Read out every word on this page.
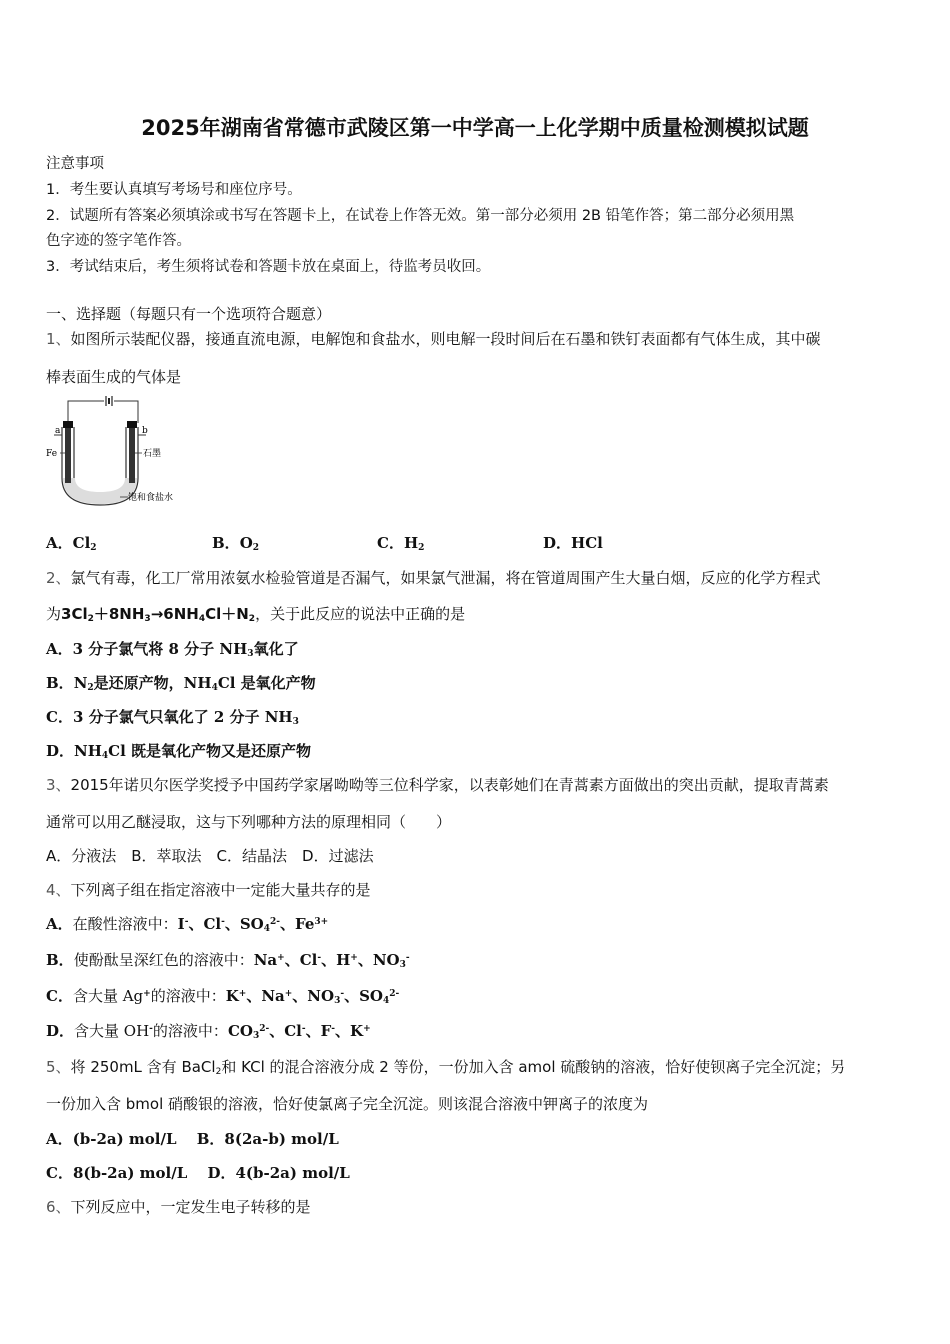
2025年湖南省常德市武陵区第一中学高一上化学期中质量检测模拟试题
注意事项
1．考生要认真填写考场号和座位序号。
2．试题所有答案必须填涂或书写在答题卡上，在试卷上作答无效。第一部分必须用 2B 铅笔作答；第二部分必须用黑
色字迹的签字笔作答。
3．考试结束后，考生须将试卷和答题卡放在桌面上，待监考员收回。
一、选择题（每题只有一个选项符合题意）
1、如图所示装配仪器，接通直流电源，电解饱和食盐水，则电解一段时间后在石墨和铁钉表面都有气体生成，其中碳
棒表面生成的气体是
a	b
Fe	石墨
饱和食盐水
A．$Cl_2$	B．$O_2$	C．$H_2$	D．HCl
2、氯气有毒，化工厂常用浓氨水检验管道是否漏气，如果氯气泄漏，将在管道周围产生大量白烟，反应的化学方程式
为$3Cl_2+8NH_3\to 6NH_4Cl+N_2$，关于此反应的说法中正确的是
A．3 分子氯气将 8 分子 $NH_3$氧化了
B．$N_2$是还原产物，$NH_4Cl$ 是氧化产物
C．3 分子氯气只氧化了 2 分子 $NH_3$
D．$NH_4Cl$ 既是氧化产物又是还原产物
3、2015年诺贝尔医学奖授予中国药学家屠呦呦等三位科学家，以表彰她们在青蒿素方面做出的突出贡献，提取青蒿素
通常可以用乙醚浸取，这与下列哪种方法的原理相同（　　）
A．分液法　B．萃取法　C．结晶法　D．过滤法
4、下列离子组在指定溶液中一定能大量共存的是
A．在酸性溶液中：I-、Cl-、$SO_4^{2-}$、$Fe^{3+}$
B．使酚酞呈深红色的溶液中：Na+、Cl-、H+、$NO_3^-$
C．含大量 Ag+的溶液中：K+、Na+、$NO_3^-$、$SO_4^{2-}$
D．含大量 OH-的溶液中：$CO_3^{2-}$、Cl-、F-、K+
5、将 250mL 含有 BaCl$_2$和 KCl 的混合溶液分成 2 等份，一份加入含 amol 硫酸钠的溶液，恰好使钡离子完全沉淀；另
一份加入含 bmol 硝酸银的溶液，恰好使氯离子完全沉淀。则该混合溶液中钾离子的浓度为
A．(b-2a) mol/L　 B．8(2a-b) mol/L
C．8(b-2a) mol/L　 D．4(b-2a) mol/L
6、下列反应中，一定发生电子转移的是
